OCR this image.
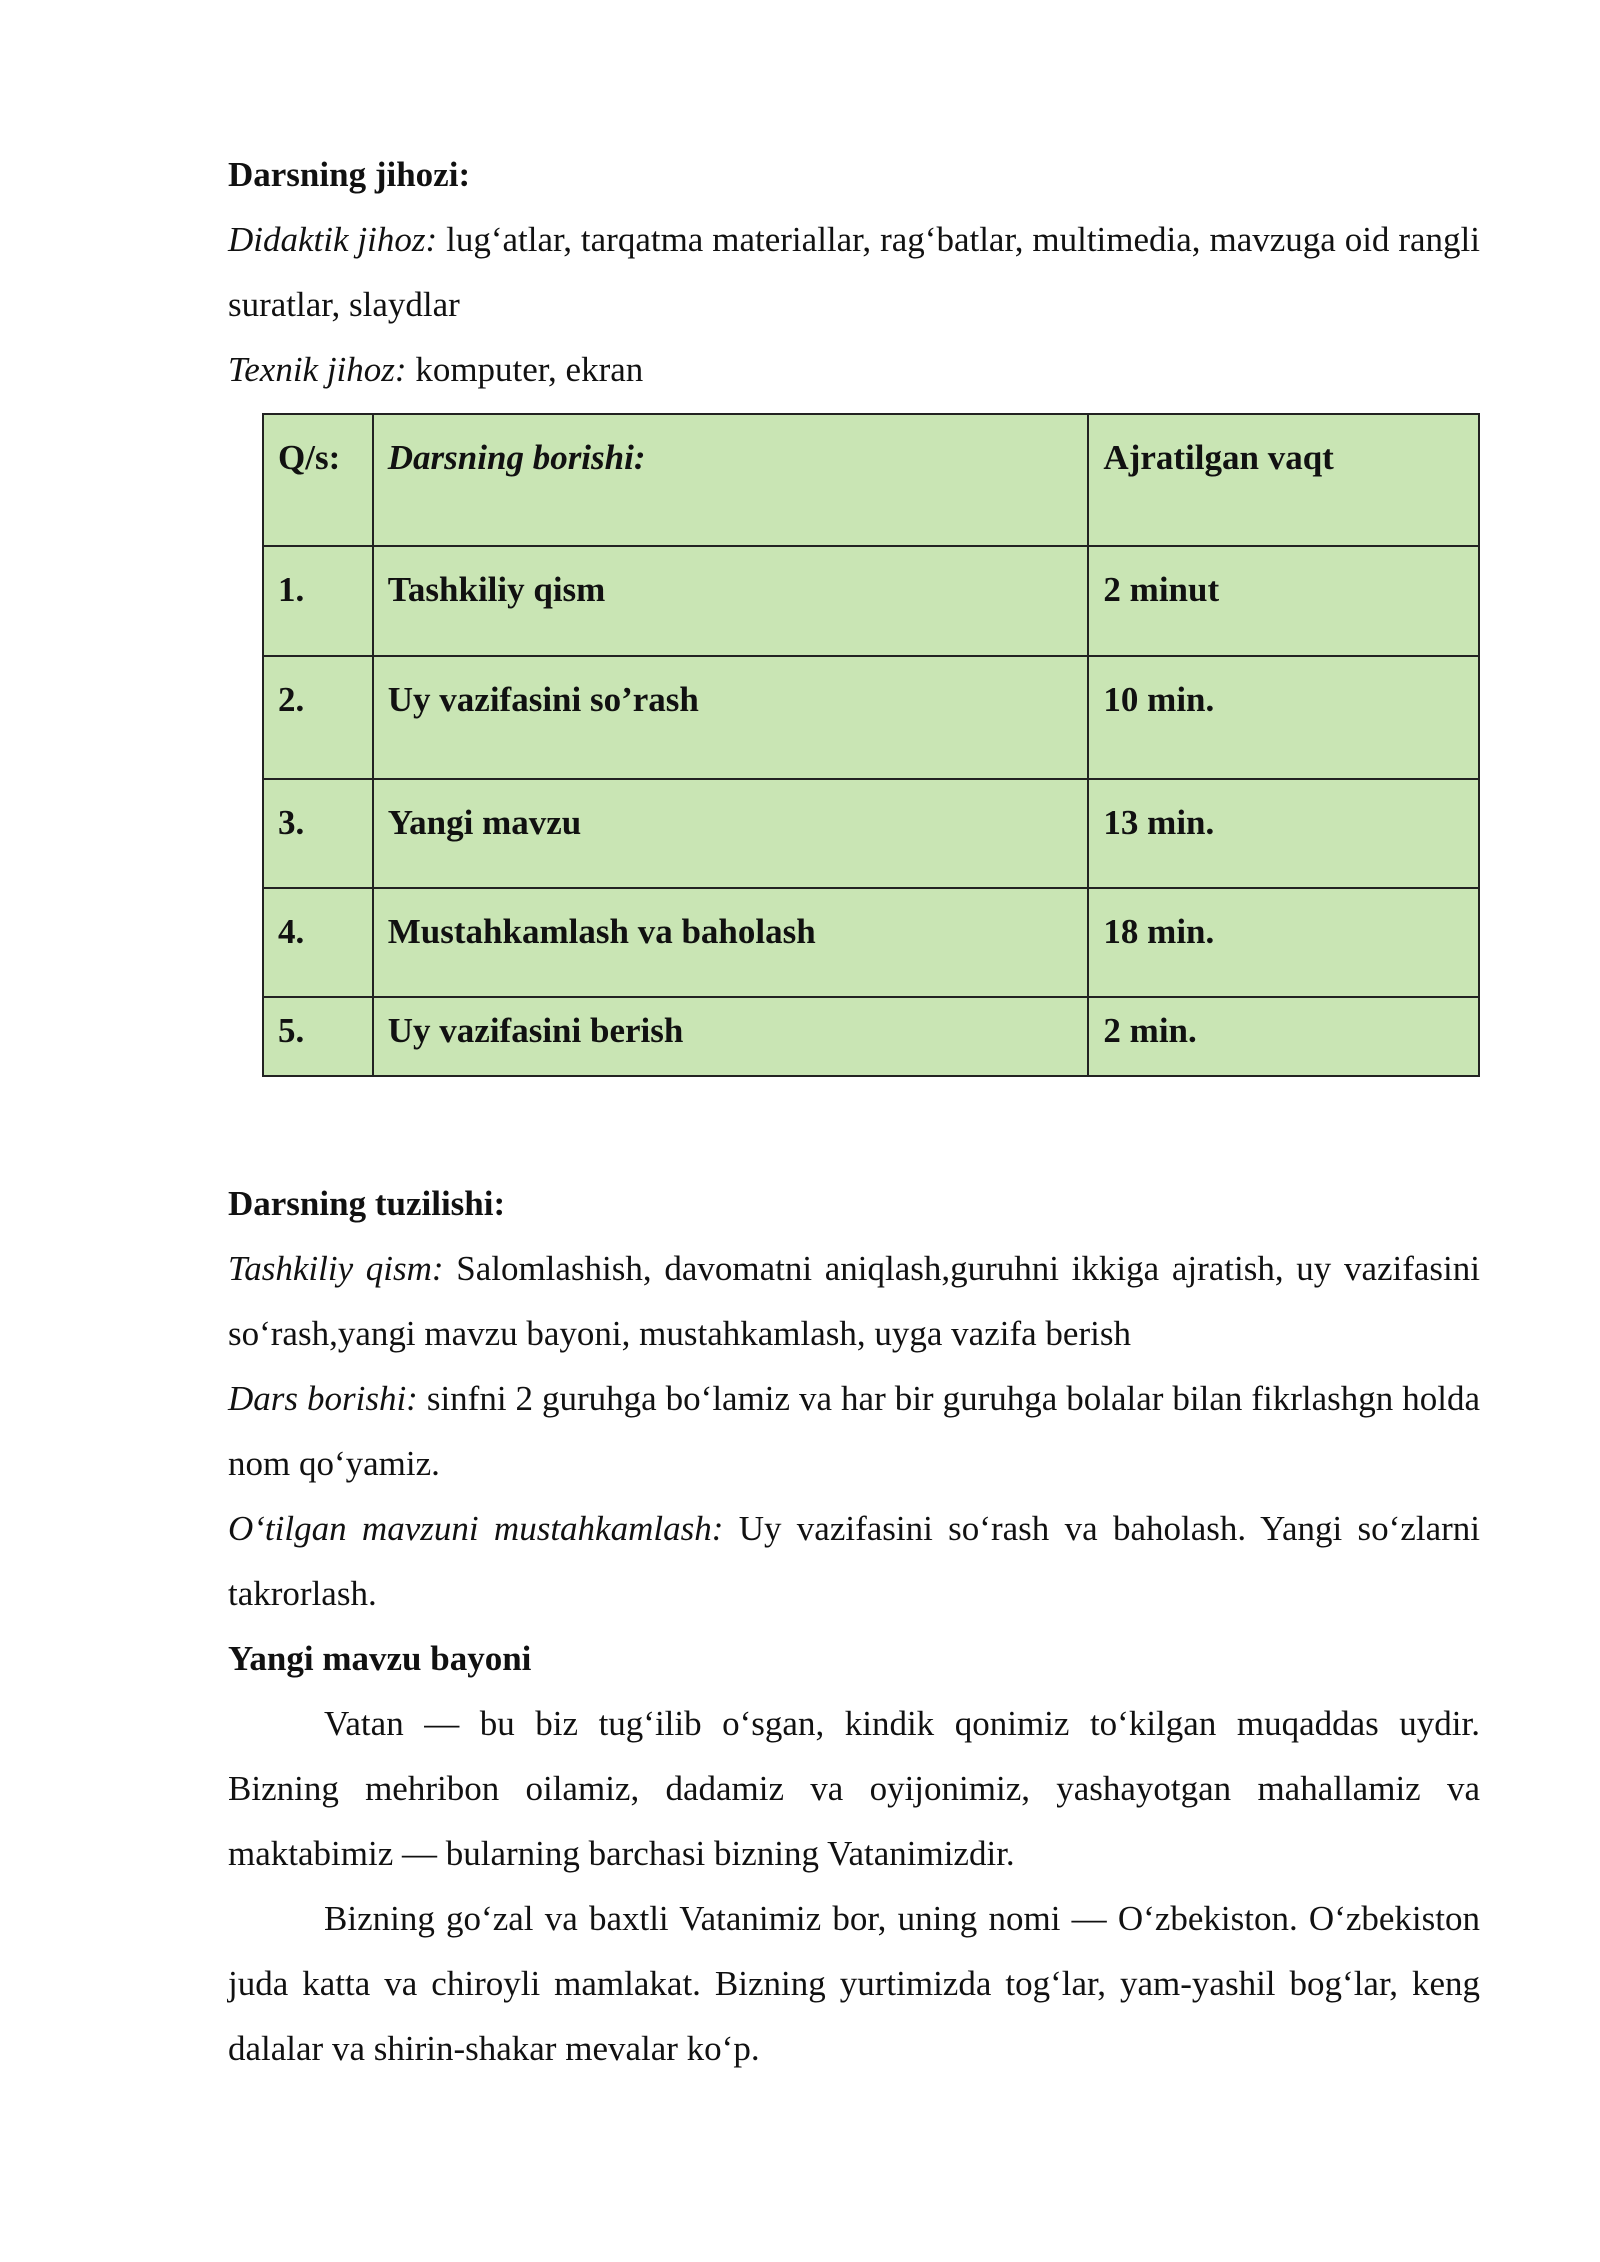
Darsning jihozi:

Didaktik jihoz: lug‘atlar, tarqatma materiallar, rag‘batlar, multimedia, mavzuga oid rangli suratlar, slaydlar

Texnik jihoz: komputer, ekran

Q/s:	Darsning borishi:	Ajratilgan vaqt
1.	Tashkiliy qism	2 minut
2.	Uy vazifasini so’rash	10 min.
3.	Yangi mavzu	13 min.
4.	Mustahkamlash va baholash	18 min.
5.	Uy vazifasini berish	2 min.

Darsning tuzilishi:

Tashkiliy qism: Salomlashish, davomatni aniqlash,guruhni ikkiga ajratish, uy vazifasini so‘rash,yangi mavzu bayoni, mustahkamlash, uyga vazifa berish

Dars borishi: sinfni 2 guruhga bo‘lamiz va har bir guruhga bolalar bilan fikrlashgn holda nom qo‘yamiz.

O‘tilgan mavzuni mustahkamlash: Uy vazifasini so‘rash va baholash. Yangi so‘zlarni takrorlash.

Yangi mavzu bayoni

Vatan — bu biz tug‘ilib o‘sgan, kindik qonimiz to‘kilgan muqaddas uydir. Bizning mehribon oilamiz, dadamiz va oyijonimiz, yashayotgan mahallamiz va maktabimiz — bularning barchasi bizning Vatanimizdir.

Bizning go‘zal va baxtli Vatanimiz bor, uning nomi — O‘zbekiston. O‘zbekiston juda katta va chiroyli mamlakat. Bizning yurtimizda tog‘lar, yam-yashil bog‘lar, keng dalalar va shirin-shakar mevalar ko‘p.
